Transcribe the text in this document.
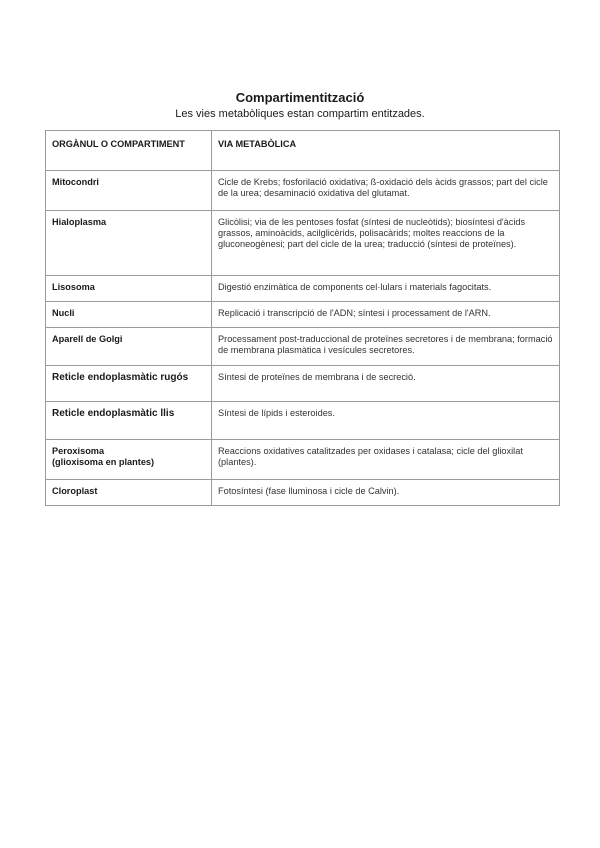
Compartimentització
Les vies metabòliques estan compartim entitzades.
ORGÀNUL O COMPARTIMENT	VIA METABÒLICA
Mitocondri	Cicle de Krebs; fosforilació oxidativa; ß-oxidació dels àcids grassos; part del cicle de la urea; desaminació oxidativa del glutamat.
Hialoplasma	Glicòlisi; via de les pentoses fosfat (síntesi de nucleòtids); biosíntesi d'àcids grassos, aminoàcids, acilglicèrids, polisacàrids; moltes reaccions de la gluconeogènesi; part del cicle de la urea; traducció (síntesi de proteïnes).
Lisosoma	Digestió enzimàtica de components cel·lulars i materials fagocitats.
Nucli	Replicació i transcripció de l'ADN; síntesi i processament de l'ARN.
Aparell de Golgi	Processament post-traduccional de proteïnes secretores i de membrana; formació de membrana plasmàtica i vesícules secretores.
Reticle endoplasmàtic rugós	Síntesi de proteïnes de membrana i de secreció.
Reticle endoplasmàtic llis	Síntesi de lípids i esteroides.
Peroxisoma
(glioxisoma en plantes)	Reaccions oxidatives catalitzades per oxidases i catalasa; cicle del glioxilat (plantes).
Cloroplast	Fotosíntesi (fase lluminosa i cicle de Calvin).
